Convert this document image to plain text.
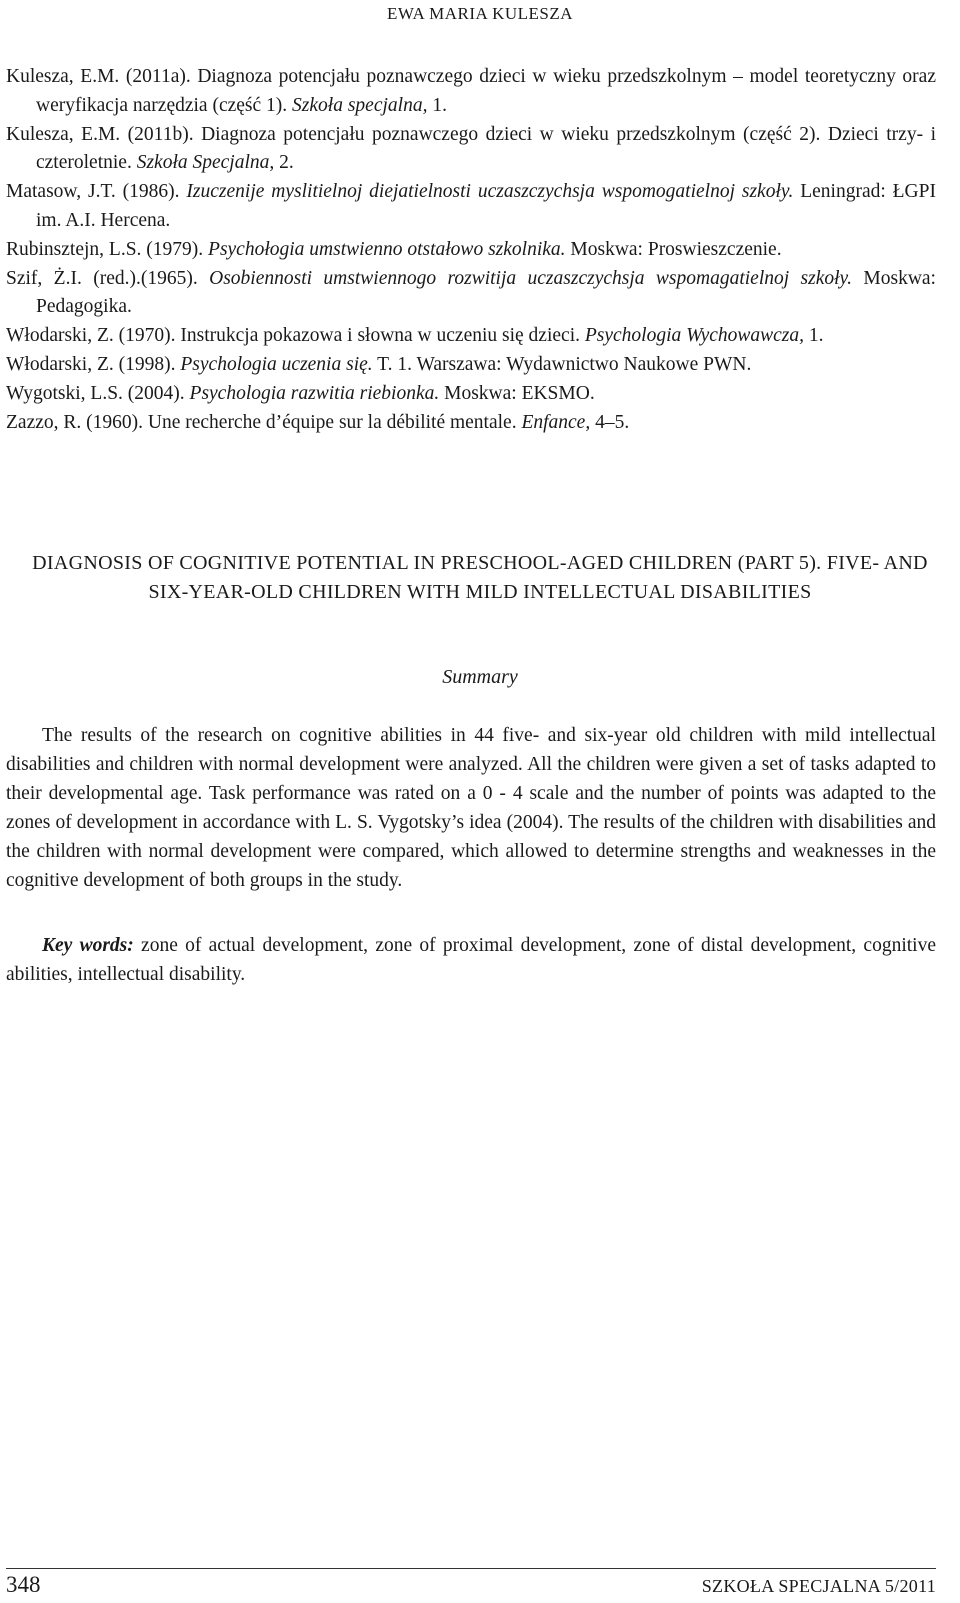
EWA MARIA KULESZA

Kulesza, E.M. (2011a). Diagnoza potencjału poznawczego dzieci w wieku przedszkolnym – model teoretyczny oraz weryfikacja narzędzia (część 1). Szkoła specjalna, 1.

Kulesza, E.M. (2011b). Diagnoza potencjału poznawczego dzieci w wieku przedszkolnym (część 2). Dzieci trzy- i czteroletnie. Szkoła Specjalna, 2.

Matasow, J.T. (1986). Izuczenije myslitielnoj diejatielnosti uczaszczychsja wspomogatielnoj szkoły. Leningrad: ŁGPI im. A.I. Hercena.

Rubinsztejn, L.S. (1979). Psychołogia umstwienno otstałowo szkolnika. Moskwa: Proswieszczenie.

Szif, Ż.I. (red.).(1965). Osobiennosti umstwiennogo rozwitija uczaszczychsja wspomagatielnoj szkoły. Moskwa: Pedagogika.

Włodarski, Z. (1970). Instrukcja pokazowa i słowna w uczeniu się dzieci. Psychologia Wychowawcza, 1.

Włodarski, Z. (1998). Psychologia uczenia się. T. 1. Warszawa: Wydawnictwo Naukowe PWN.

Wygotski, L.S. (2004). Psychologia razwitia riebionka. Moskwa: EKSMO.

Zazzo, R. (1960). Une recherche d’équipe sur la débilité mentale. Enfance, 4–5.

DIAGNOSIS OF COGNITIVE POTENTIAL IN PRESCHOOL-AGED CHILDREN (PART 5). FIVE- AND SIX-YEAR-OLD CHILDREN WITH MILD INTELLECTUAL DISABILITIES
Summary

The results of the research on cognitive abilities in 44 five- and six-year old children with mild intellectual disabilities and children with normal development were analyzed. All the children were given a set of tasks adapted to their developmental age. Task performance was rated on a 0 - 4 scale and the number of points was adapted to the zones of development in accordance with L. S. Vygotsky’s idea (2004). The results of the children with disabilities and the children with normal development were compared, which allowed to determine strengths and weaknesses in the cognitive development of both groups in the study.

Key words: zone of actual development, zone of proximal development, zone of distal development, cognitive abilities, intellectual disability.

348	SZKOŁA SPECJALNA 5/2011
